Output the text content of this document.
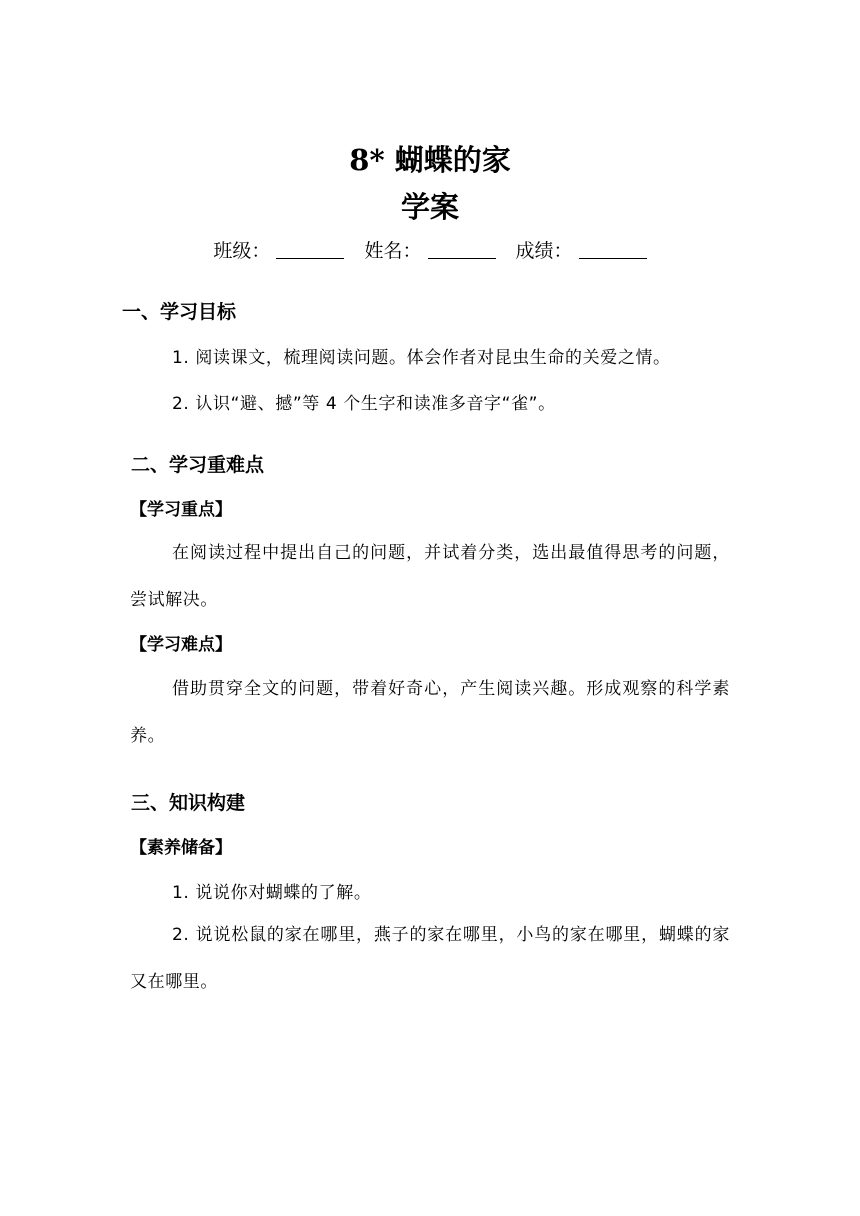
8* 蝴蝶的家
学案
班级：	姓名：	成绩：
一、学习目标
1. 阅读课文，梳理阅读问题。体会作者对昆虫生命的关爱之情。
2. 认识“避、撼”等 4 个生字和读准多音字“雀”。
二、学习重难点
【学习重点】

在阅读过程中提出自己的问题，并试着分类，选出最值得思考的问题，尝试解决。

【学习难点】

借助贯穿全文的问题，带着好奇心，产生阅读兴趣。形成观察的科学素养。

三、知识构建
【素养储备】
1. 说说你对蝴蝶的了解。

2. 说说松鼠的家在哪里，燕子的家在哪里，小鸟的家在哪里，蝴蝶的家又在哪里。
